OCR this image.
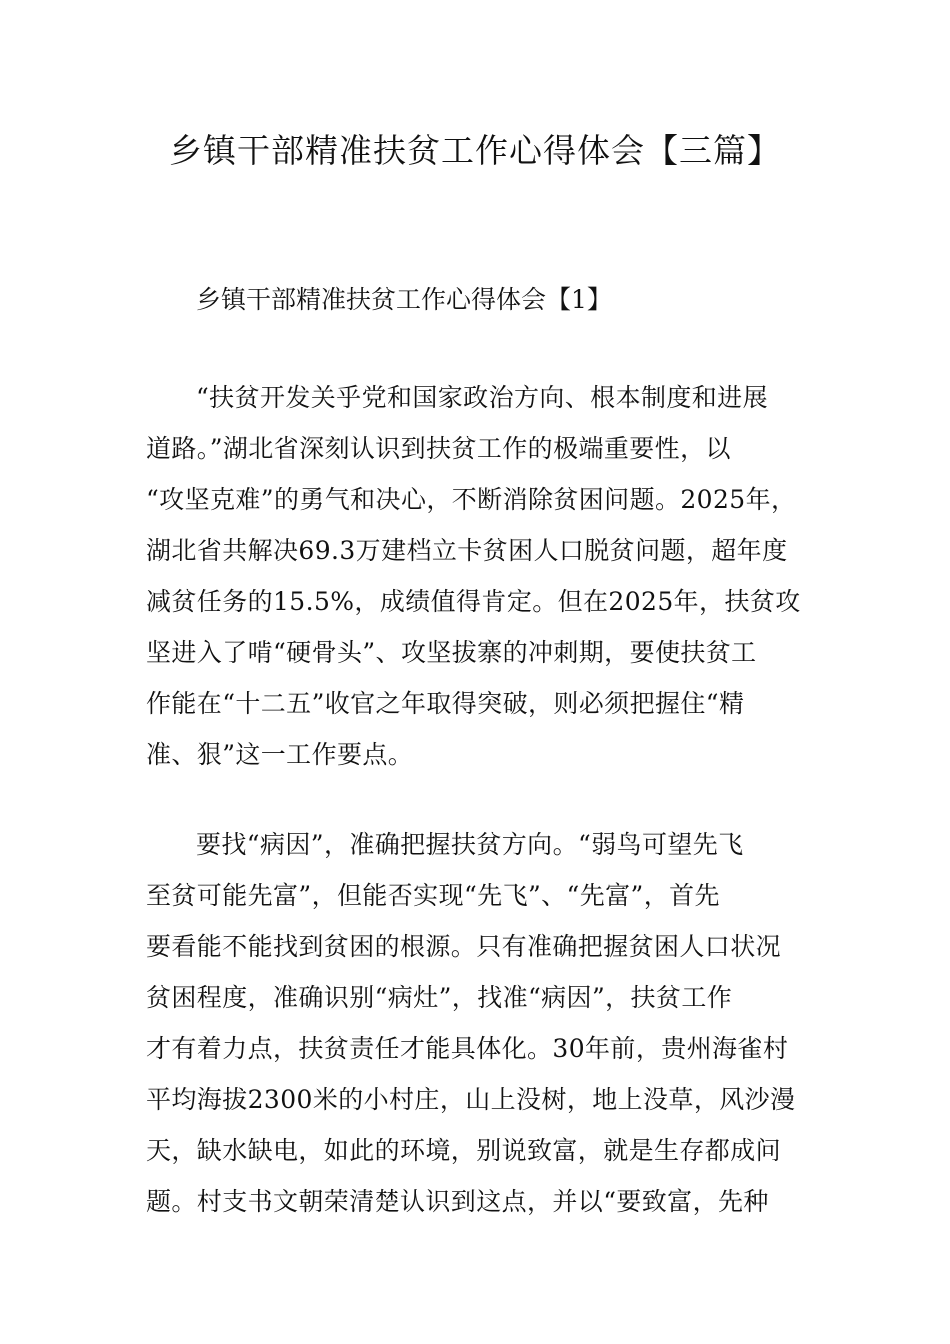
乡镇干部精准扶贫工作心得体会【三篇】
乡镇干部精准扶贫工作心得体会【1】
“扶贫开发关乎党和国家政治方向、根本制度和进展
道路。”湖北省深刻认识到扶贫工作的极端重要性，以
“攻坚克难”的勇气和决心，不断消除贫困问题。2025年，
湖北省共解决69.3万建档立卡贫困人口脱贫问题，超年度
减贫任务的15.5%，成绩值得肯定。但在2025年，扶贫攻
坚进入了啃“硬骨头”、攻坚拔寨的冲刺期，要使扶贫工
作能在“十二五”收官之年取得突破，则必须把握住“精
准、狠”这一工作要点。
要找“病因”，准确把握扶贫方向。“弱鸟可望先飞
至贫可能先富”，但能否实现“先飞”、“先富”，首先
要看能不能找到贫困的根源。只有准确把握贫困人口状况
贫困程度，准确识别“病灶”，找准“病因”，扶贫工作
才有着力点，扶贫责任才能具体化。30年前，贵州海雀村
平均海拔2300米的小村庄，山上没树，地上没草，风沙漫
天，缺水缺电，如此的环境，别说致富，就是生存都成问
题。村支书文朝荣清楚认识到这点，并以“要致富，先种
